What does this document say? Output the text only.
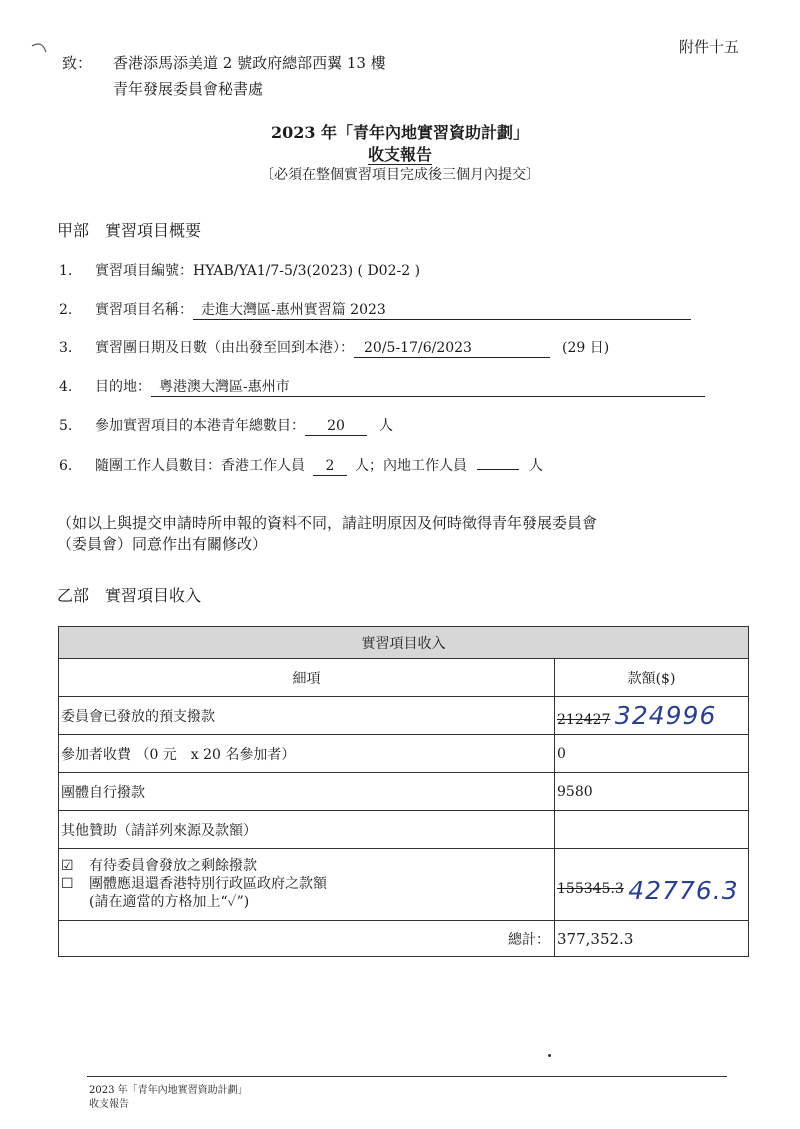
附件十五
致： 香港添馬添美道 2 號政府總部西翼 13 樓
青年發展委員會秘書處
2023 年「青年內地實習資助計劃」
收支報告
〔必須在整個實習項目完成後三個月內提交〕
甲部　實習項目概要
1. 實習項目編號：HYAB/YA1/7-5/3(2023) ( D02-2 )
2. 實習項目名稱： 走進大灣區-惠州實習篇 2023
3. 實習團日期及日數（由出發至回到本港）： 20/5-17/6/2023	(29 日)
4. 目的地： 粵港澳大灣區-惠州市
5. 參加實習項目的本港青年總數目： 20 人
6. 隨團工作人員數目：香港工作人員 2 人；內地工作人員	人
（如以上與提交申請時所申報的資料不同，請註明原因及何時徵得青年發展委員會
（委員會）同意作出有關修改）
乙部　實習項目收入
實習項目收入	
細項	款額($)
委員會已發放的預支撥款	212427 324996
參加者收費 （0 元　x 20 名參加者）	0
團體自行撥款	9580
其他贊助（請詳列來源及款額）	

☑ 有待委員會發放之剩餘撥款
☐ 團體應退還香港特別行政區政府之款額
(請在適當的方格加上“✓”)	155345.3 42776.3
總計：	377,352.3
2023 年「青年內地實習資助計劃」
收支報告
